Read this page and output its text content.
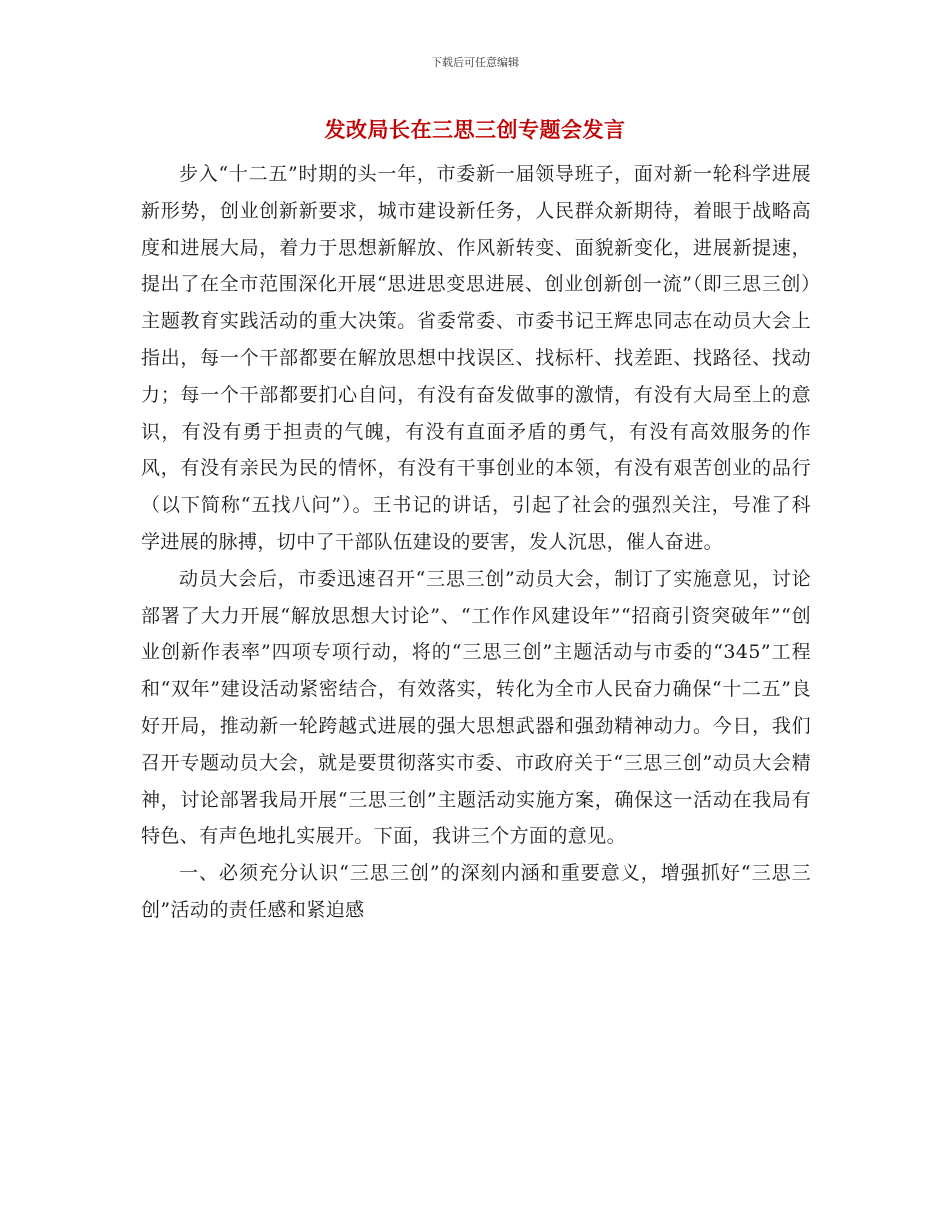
下载后可任意编辑
发改局长在三思三创专题会发言

步入“十二五”时期的头一年，市委新一届领导班子，面对新一轮科学进展新形势，创业创新新要求，城市建设新任务，人民群众新期待，着眼于战略高度和进展大局，着力于思想新解放、作风新转变、面貌新变化，进展新提速，提出了在全市范围深化开展“思进思变思进展、创业创新创一流”（即三思三创）主题教育实践活动的重大决策。省委常委、市委书记王辉忠同志在动员大会上指出，每一个干部都要在解放思想中找误区、找标杆、找差距、找路径、找动力；每一个干部都要扪心自问，有没有奋发做事的激情，有没有大局至上的意识，有没有勇于担责的气魄，有没有直面矛盾的勇气，有没有高效服务的作风，有没有亲民为民的情怀，有没有干事创业的本领，有没有艰苦创业的品行（以下简称“五找八问”）。王书记的讲话，引起了社会的强烈关注，号准了科学进展的脉搏，切中了干部队伍建设的要害，发人沉思，催人奋进。

动员大会后，市委迅速召开“三思三创”动员大会，制订了实施意见，讨论部署了大力开展“解放思想大讨论”、“工作作风建设年”“招商引资突破年”“创业创新作表率”四项专项行动，将的“三思三创”主题活动与市委的“345”工程和“双年”建设活动紧密结合，有效落实，转化为全市人民奋力确保“十二五”良好开局，推动新一轮跨越式进展的强大思想武器和强劲精神动力。今日，我们召开专题动员大会，就是要贯彻落实市委、市政府关于“三思三创”动员大会精神，讨论部署我局开展“三思三创”主题活动实施方案，确保这一活动在我局有特色、有声色地扎实展开。下面，我讲三个方面的意见。

一、必须充分认识“三思三创”的深刻内涵和重要意义，增强抓好“三思三创”活动的责任感和紧迫感
